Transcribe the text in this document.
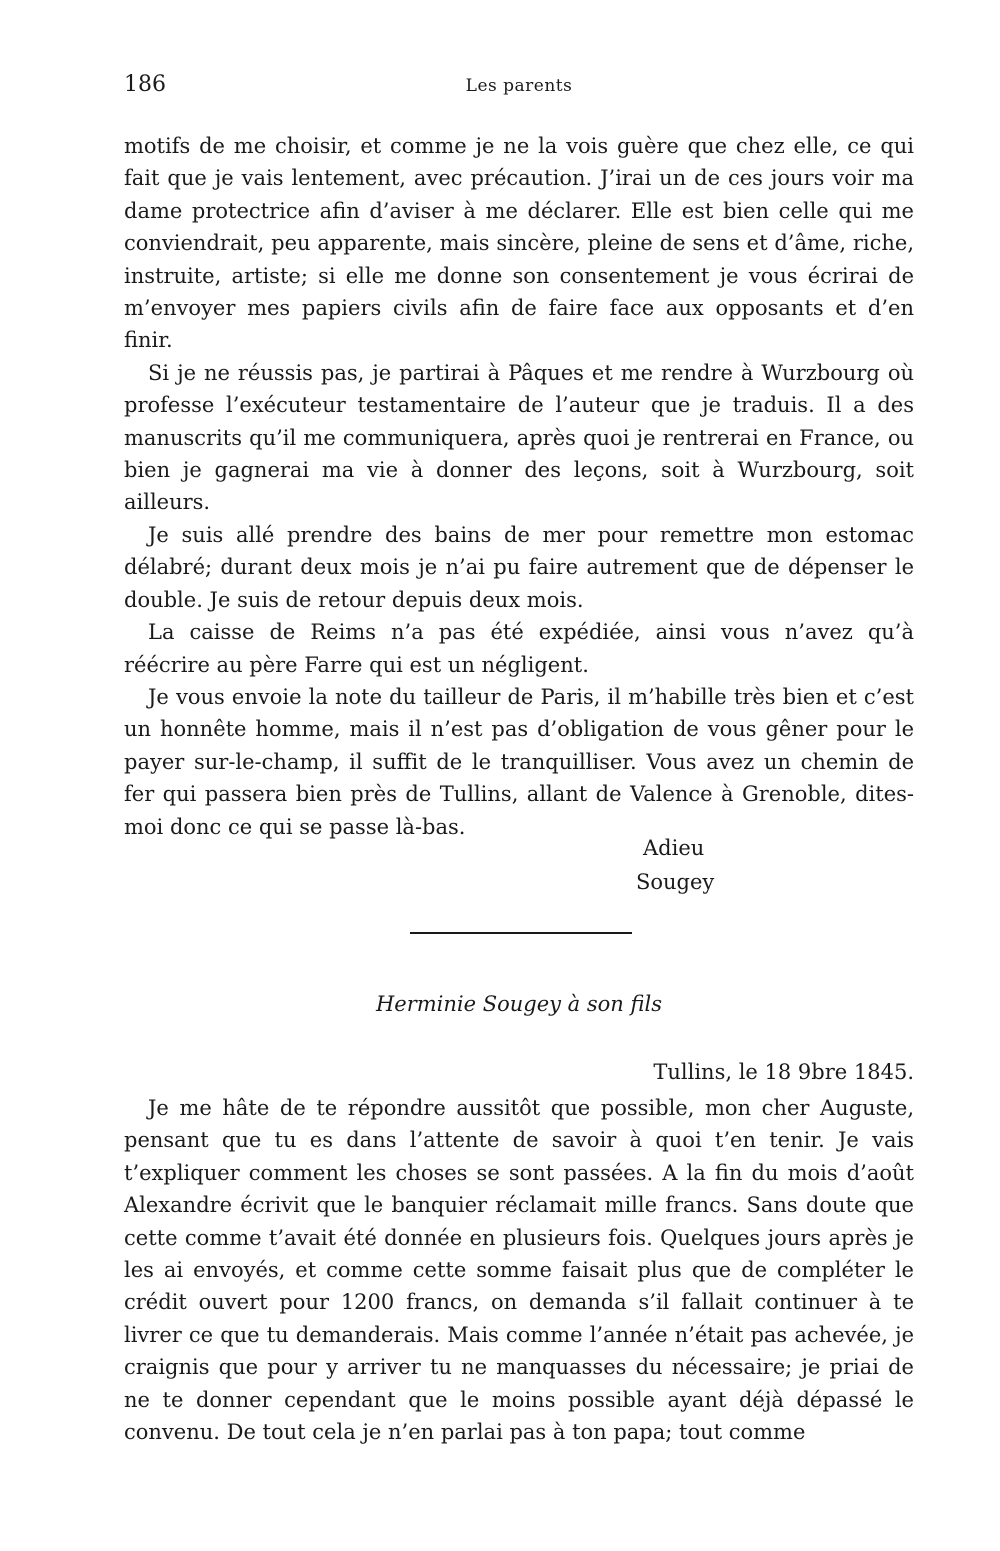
186	Les parents

motifs de me choisir, et comme je ne la vois guère que chez elle, ce qui fait que je vais lentement, avec précaution. J’irai un de ces jours voir ma dame protectrice afin d’aviser à me déclarer. Elle est bien celle qui me conviendrait, peu apparente, mais sincère, pleine de sens et d’âme, riche, instruite, artiste; si elle me donne son consentement je vous écrirai de m’envoyer mes papiers civils afin de faire face aux opposants et d’en finir.

Si je ne réussis pas, je partirai à Pâques et me rendre à Wurzbourg où professe l’exécuteur testamentaire de l’auteur que je traduis. Il a des manuscrits qu’il me communiquera, après quoi je rentrerai en France, ou bien je gagnerai ma vie à donner des leçons, soit à Wurzbourg, soit ailleurs.

Je suis allé prendre des bains de mer pour remettre mon estomac délabré; durant deux mois je n’ai pu faire autrement que de dépenser le double. Je suis de retour depuis deux mois.

La caisse de Reims n’a pas été expédiée, ainsi vous n’avez qu’à réécrire au père Farre qui est un négligent.

Je vous envoie la note du tailleur de Paris, il m’habille très bien et c’est un honnête homme, mais il n’est pas d’obligation de vous gêner pour le payer sur-le-champ, il suffit de le tranquilliser. Vous avez un chemin de fer qui passera bien près de Tullins, allant de Valence à Grenoble, dites-moi donc ce qui se passe là-bas.

Adieu
Sougey
Herminie Sougey à son fils
Tullins, le 18 9bre 1845.

Je me hâte de te répondre aussitôt que possible, mon cher Auguste, pensant que tu es dans l’attente de savoir à quoi t’en tenir. Je vais t’expliquer comment les choses se sont passées. A la fin du mois d’août Alexandre écrivit que le banquier réclamait mille francs. Sans doute que cette comme t’avait été donnée en plusieurs fois. Quelques jours après je les ai envoyés, et comme cette somme faisait plus que de compléter le crédit ouvert pour 1200 francs, on demanda s’il fallait continuer à te livrer ce que tu demanderais. Mais comme l’année n’était pas achevée, je craignis que pour y arriver tu ne manquasses du nécessaire; je priai de ne te donner cependant que le moins possible ayant déjà dépassé le convenu. De tout cela je n’en parlai pas à ton papa; tout comme
